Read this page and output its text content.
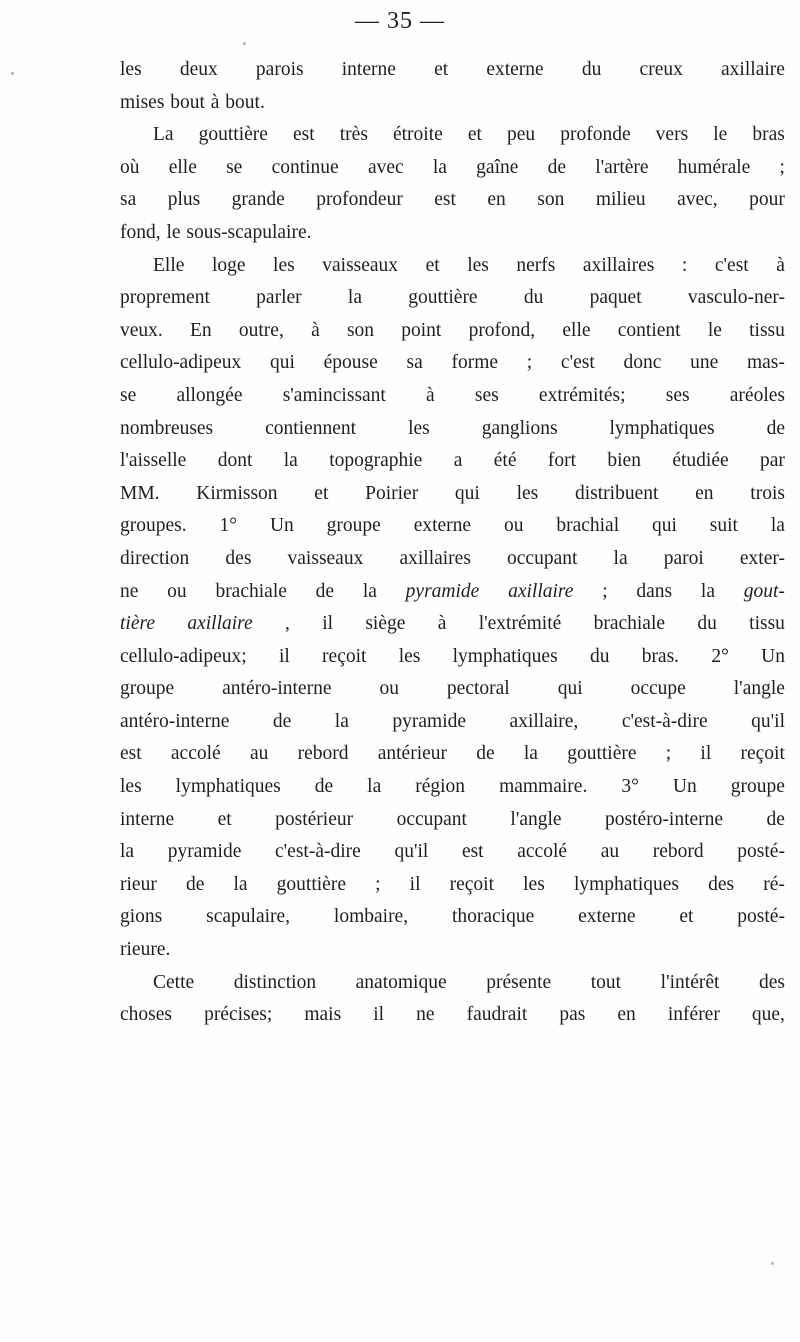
— 35 —
les deux parois interne et externe du creux axillaire
mises bout à bout.
La gouttière est très étroite et peu profonde vers le bras
où elle se continue avec la gaîne de l'artère humérale ;
sa plus grande profondeur est en son milieu avec, pour
fond, le sous-scapulaire.
Elle loge les vaisseaux et les nerfs axillaires : c'est à
proprement parler la gouttière du paquet vasculo-ner-
veux. En outre, à son point profond, elle contient le tissu
cellulo-adipeux qui épouse sa forme ; c'est donc une mas-
se allongée s'amincissant à ses extrémités; ses aréoles
nombreuses	contiennent	les	ganglions	lymphatiques	de
l'aisselle dont la topographie a été fort bien étudiée par
MM. Kirmisson et Poirier qui les distribuent en trois
groupes. 1° Un groupe externe ou brachial qui suit la
direction des vaisseaux axillaires occupant la paroi exter-
ne ou brachiale de la pyramide axillaire ; dans la gout-
tière axillaire , il siège à l'extrémité brachiale du tissu
cellulo-adipeux; il reçoit les lymphatiques du bras. 2° Un
groupe antéro-interne ou pectoral qui occupe l'angle
antéro-interne de la pyramide axillaire, c'est-à-dire qu'il
est accolé au rebord antérieur de la gouttière ; il reçoit
les lymphatiques de la région mammaire. 3° Un groupe
interne et postérieur occupant l'angle postéro-interne de
la pyramide c'est-à-dire qu'il est accolé au rebord posté-
rieur de la gouttière ; il reçoit les lymphatiques des ré-
gions scapulaire, lombaire, thoracique externe et posté-
rieure.
Cette distinction anatomique présente tout l'intérêt des
choses précises; mais il ne faudrait pas en inférer que,
